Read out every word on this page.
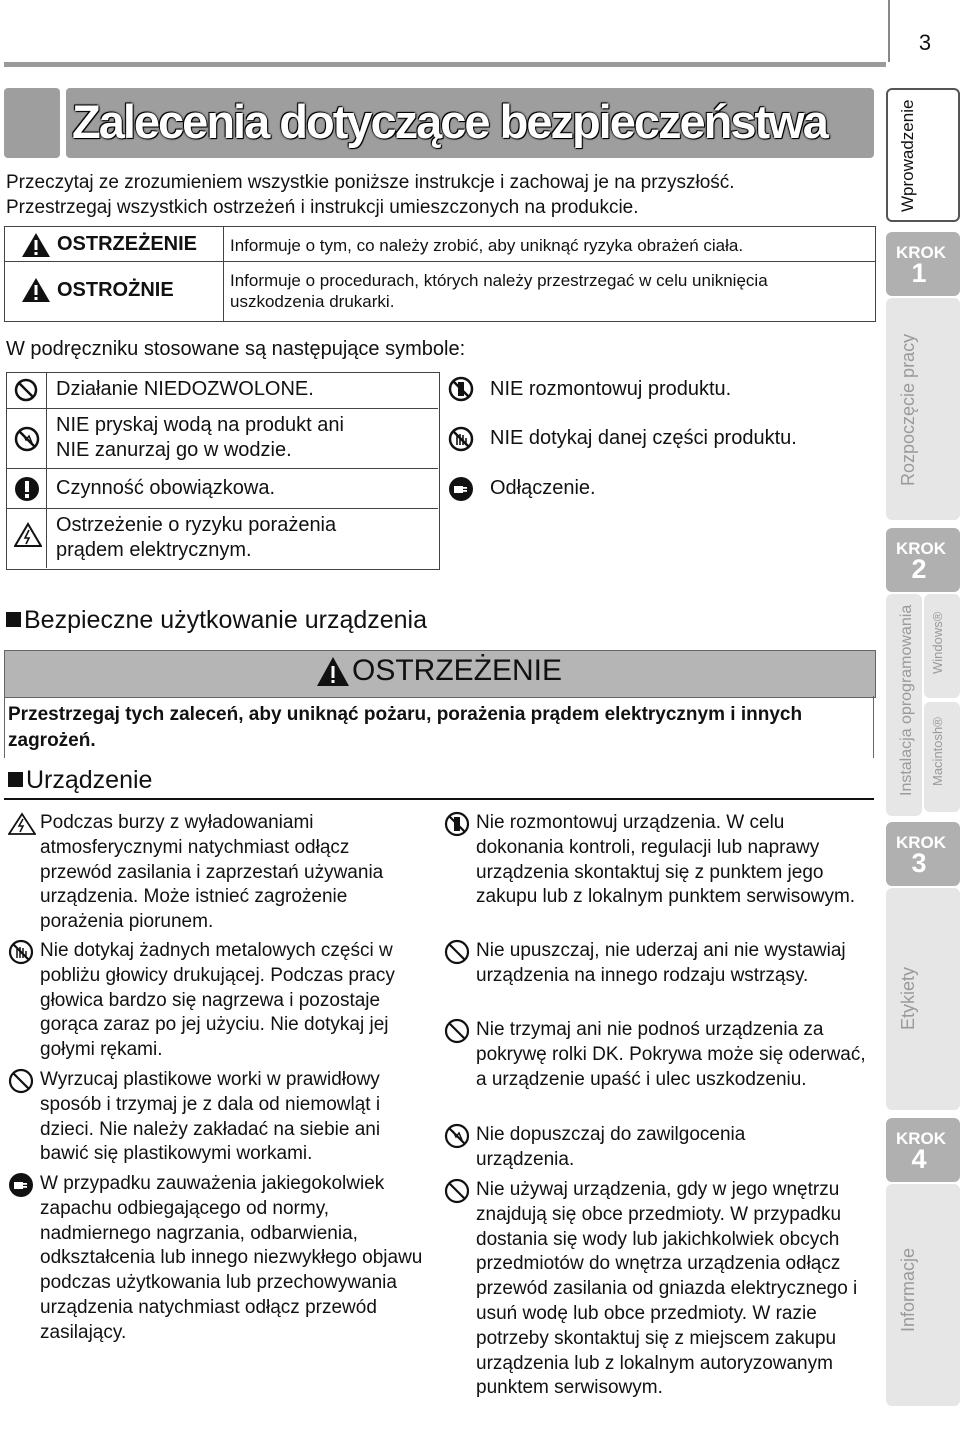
3
Zalecenia dotyczące bezpieczeństwa
Przeczytaj ze zrozumieniem wszystkie poniższe instrukcje i zachowaj je na przyszłość.
Przestrzegaj wszystkich ostrzeżeń i instrukcji umieszczonych na produkcie.
OSTRZEŻENIE Informuje o tym, co należy zrobić, aby uniknąć ryzyka obrażeń ciała.
OSTROŻNIE	Informuje o procedurach, których należy przestrzegać w celu uniknięcia
uszkodzenia drukarki.
W podręczniku stosowane są następujące symbole:
Działanie NIEDOZWOLONE.
NIE pryskaj wodą na produkt ani
NIE zanurzaj go w wodzie.
Czynność obowiązkowa.
Ostrzeżenie o ryzyku porażenia
prądem elektrycznym.
NIE rozmontowuj produktu.
NIE dotykaj danej części produktu.
Odłączenie.
Bezpieczne użytkowanie urządzenia
OSTRZEŻENIE
Przestrzegaj tych zaleceń, aby uniknąć pożaru, porażenia prądem elektrycznym i innych zagrożeń.
Urządzenie
Podczas burzy z wyładowaniami atmosferycznymi natychmiast odłącz przewód zasilania i zaprzestań używania urządzenia. Może istnieć zagrożenie porażenia piorunem.
Nie dotykaj żadnych metalowych części w pobliżu głowicy drukującej. Podczas pracy głowica bardzo się nagrzewa i pozostaje gorąca zaraz po jej użyciu. Nie dotykaj jej gołymi rękami.
Wyrzucaj plastikowe worki w prawidłowy sposób i trzymaj je z dala od niemowląt i dzieci. Nie należy zakładać na siebie ani bawić się plastikowymi workami.
W przypadku zauważenia jakiegokolwiek zapachu odbiegającego od normy, nadmiernego nagrzania, odbarwienia, odkształcenia lub innego niezwykłego objawu podczas użytkowania lub przechowywania urządzenia natychmiast odłącz przewód zasilający.
Nie rozmontowuj urządzenia. W celu dokonania kontroli, regulacji lub naprawy urządzenia skontaktuj się z punktem jego zakupu lub z lokalnym punktem serwisowym.
Nie upuszczaj, nie uderzaj ani nie wystawiaj urządzenia na innego rodzaju wstrząsy.
Nie trzymaj ani nie podnoś urządzenia za pokrywę rolki DK. Pokrywa może się oderwać, a urządzenie upaść i ulec uszkodzeniu.
Nie dopuszczaj do zawilgocenia urządzenia.
Nie używaj urządzenia, gdy w jego wnętrzu znajdują się obce przedmioty. W przypadku dostania się wody lub jakichkolwiek obcych przedmiotów do wnętrza urządzenia odłącz przewód zasilania od gniazda elektrycznego i usuń wodę lub obce przedmioty. W razie potrzeby skontaktuj się z miejscem zakupu urządzenia lub z lokalnym autoryzowanym punktem serwisowym.
Wprowadzenie
KROK
1
Rozpoczęcie pracy
KROK
2
Instalacja oprogramowania Windows®
Macintosh®
KROK
3
Etykiety
KROK
4
Informacje
